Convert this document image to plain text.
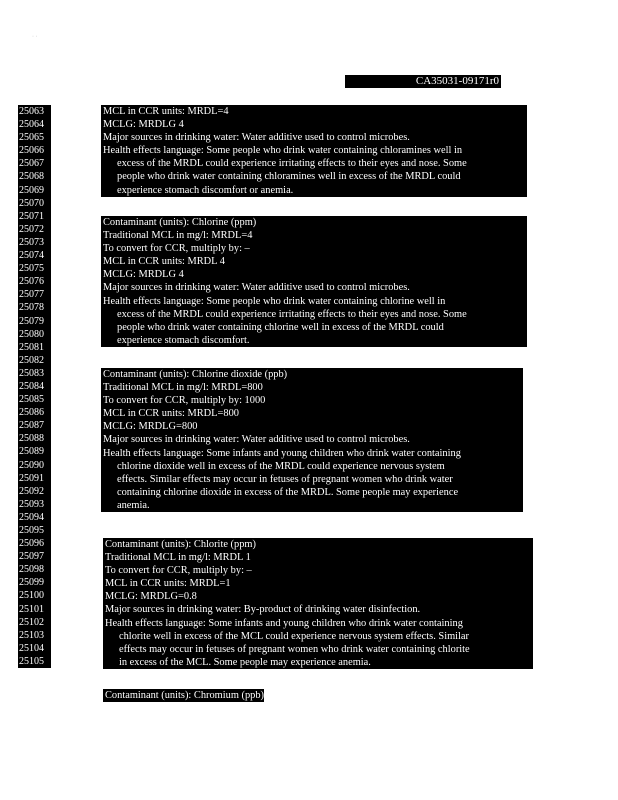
· ·
CA35031-09171r0
25063
25064
25065
25066
25067
25068
25069
25070
25071
25072
25073
25074
25075
25076
25077
25078
25079
25080
25081
25082
25083
25084
25085
25086
25087
25088
25089
25090
25091
25092
25093
25094
25095
25096
25097
25098
25099
25100
25101
25102
25103
25104
25105
MCL in CCR units: MRDL=4
MCLG: MRDLG 4
Major sources in drinking water: Water additive used to control microbes.
Health effects language: Some people who drink water containing chloramines well in
excess of the MRDL could experience irritating effects to their eyes and nose. Some
people who drink water containing chloramines well in excess of the MRDL could
experience stomach discomfort or anemia.
Contaminant (units): Chlorine (ppm)
Traditional MCL in mg/l: MRDL=4
To convert for CCR, multiply by: –
MCL in CCR units: MRDL 4
MCLG: MRDLG 4
Major sources in drinking water: Water additive used to control microbes.
Health effects language: Some people who drink water containing chlorine well in
excess of the MRDL could experience irritating effects to their eyes and nose. Some
people who drink water containing chlorine well in excess of the MRDL could
experience stomach discomfort.
Contaminant (units): Chlorine dioxide (ppb)
Traditional MCL in mg/l: MRDL=800
To convert for CCR, multiply by: 1000
MCL in CCR units: MRDL=800
MCLG: MRDLG=800
Major sources in drinking water: Water additive used to control microbes.
Health effects language: Some infants and young children who drink water containing
chlorine dioxide well in excess of the MRDL could experience nervous system
effects. Similar effects may occur in fetuses of pregnant women who drink water
containing chlorine dioxide in excess of the MRDL. Some people may experience
anemia.
Contaminant (units): Chlorite (ppm)
Traditional MCL in mg/l: MRDL 1
To convert for CCR, multiply by: –
MCL in CCR units: MRDL=1
MCLG: MRDLG=0.8
Major sources in drinking water: By-product of drinking water disinfection.
Health effects language: Some infants and young children who drink water containing
chlorite well in excess of the MCL could experience nervous system effects. Similar
effects may occur in fetuses of pregnant women who drink water containing chlorite
in excess of the MCL. Some people may experience anemia.
Contaminant (units): Chromium (ppb)
